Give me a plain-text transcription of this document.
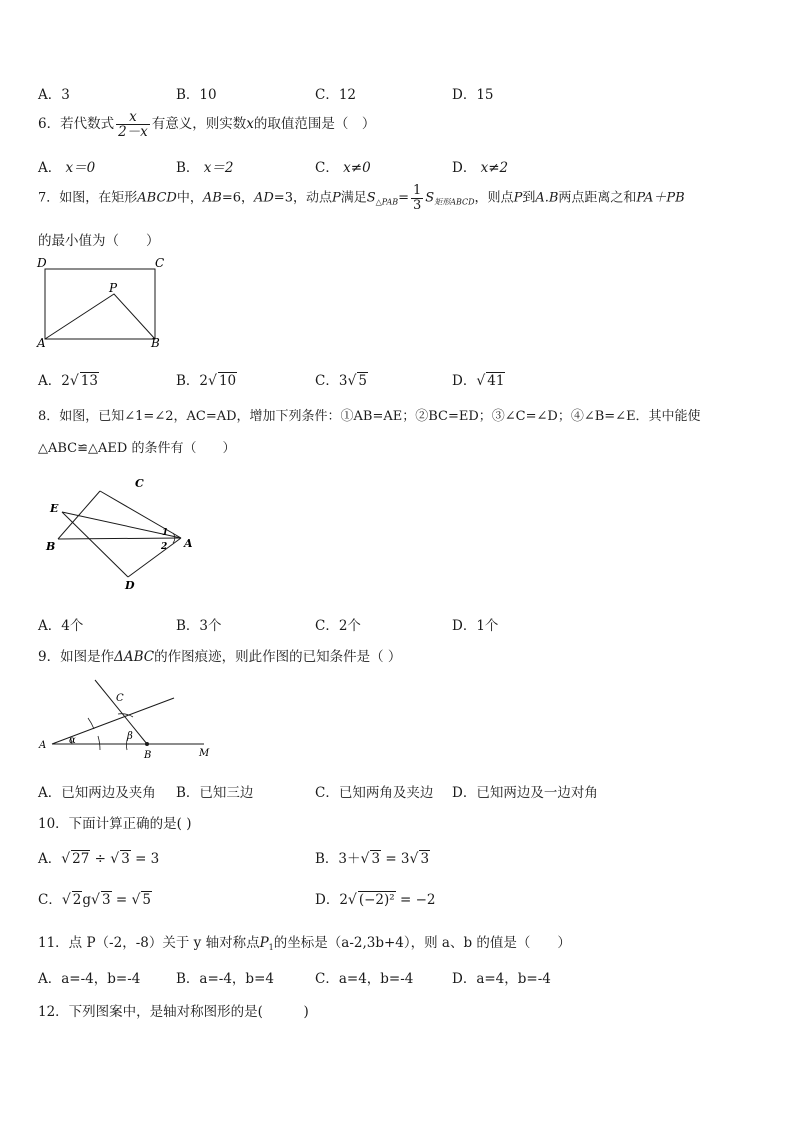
A．3	B．10	C．12	D．15
6．若代数式 $\frac{x}{2-x}$ 有意义，则实数x的取值范围是（　）
A． x＝0	B． x＝2	C． x≠0	D． x≠2
7．如图，在矩形ABCD中，AB=6，AD=3，动点P满足$S_{\triangle PAB}= \frac{1}{3} S_{矩形ABCD}$，则点P到A.B两点距离之和PA＋PB
的最小值为（　　）
D	C
P
A	B
A．2√ 13	B．2√ 10	C．3√ 5	D．√ 41
8．如图，已知∠1=∠2，AC=AD，增加下列条件：①AB=AE；②BC=ED；③∠C=∠D；④∠B=∠E．其中能使
△ABC≌△AED 的条件有（　　）
C
E
B	A
D
1
2
A．4个	B．3个	C．2个	D．1个
9．如图是作ΔABC的作图痕迹，则此作图的已知条件是（ ）
A
B
C
M
α	β
A．已知两边及夹角 B．已知三边	C．已知两角及夹边 D．已知两边及一边对角
10．下面计算正确的是( )
A．√ 27 ÷ √ 3 = 3	B．3＋√ 3 = 3√ 3
C．√ 2g√ 3 = √ 5	D．2√ (−2)² = −2
11．点 P（-2，-8）关于 y 轴对称点$P_1$的坐标是（a-2,3b+4），则 a、b 的值是（　　）
A．a=-4，b=-4	B．a=-4，b=4	C．a=4，b=-4	D．a=4，b=-4
12．下列图案中，是轴对称图形的是(　　　)
